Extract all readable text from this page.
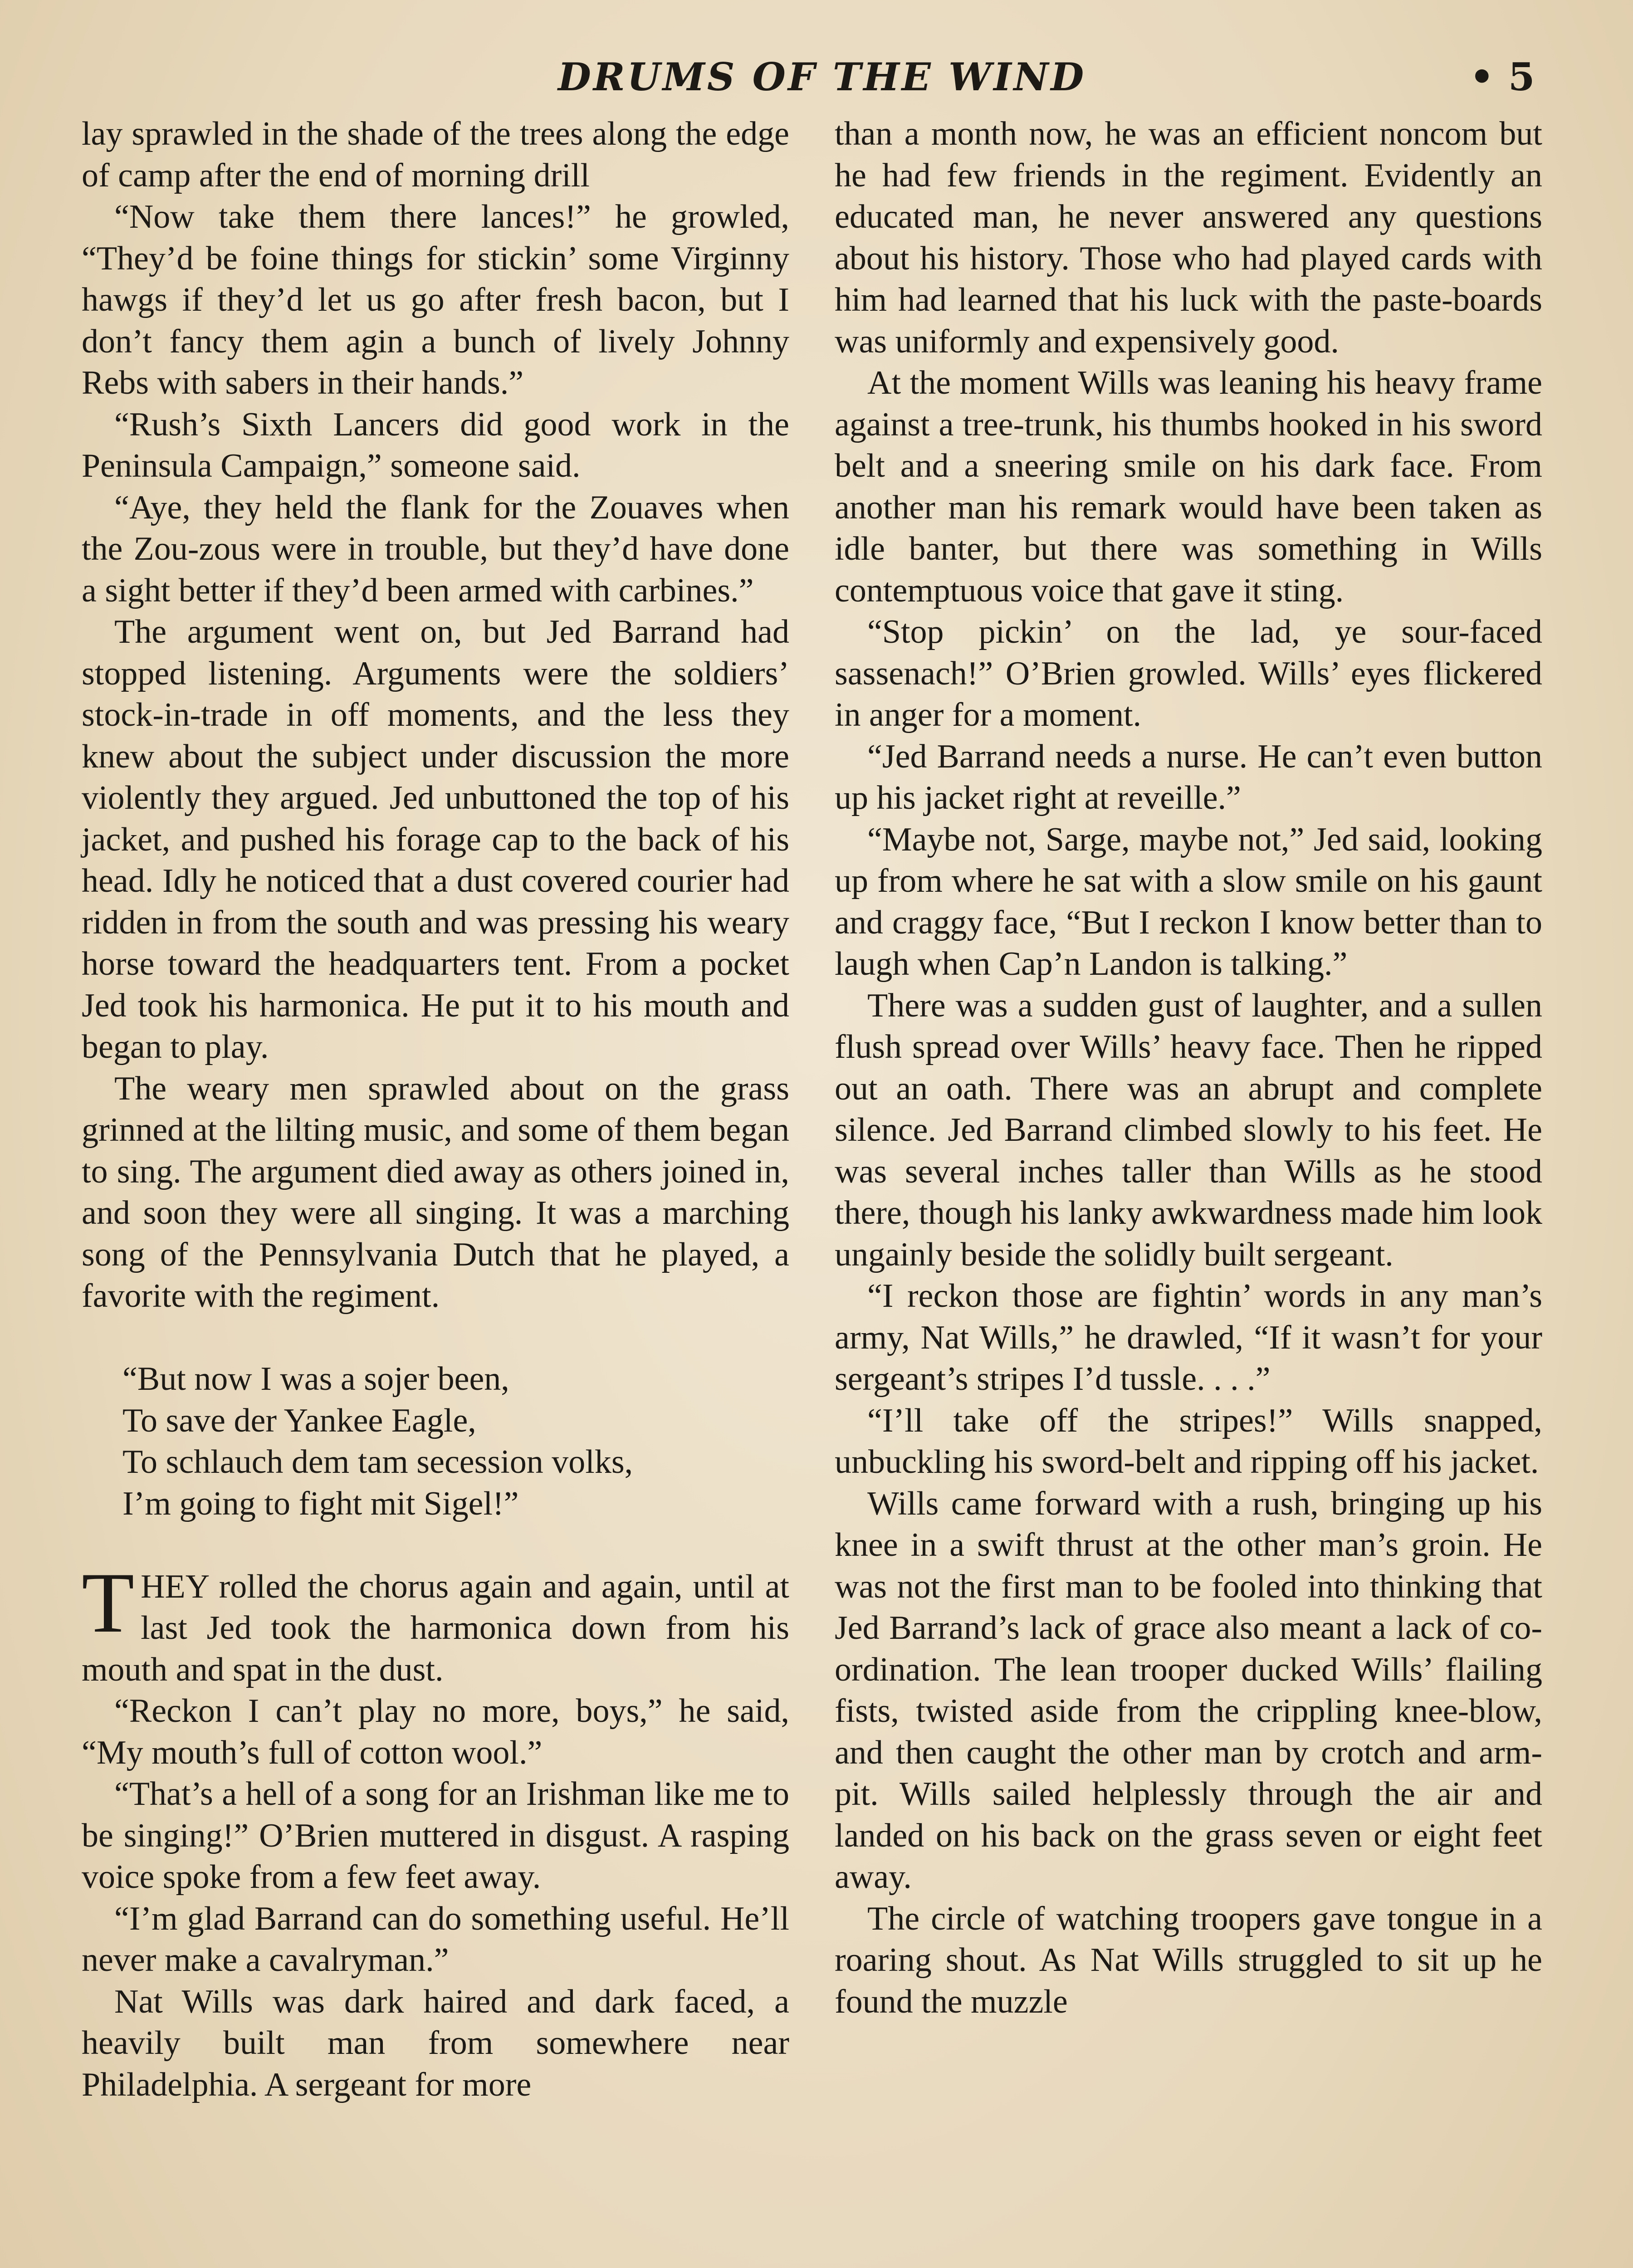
DRUMS OF THE WIND	• 5

lay sprawled in the shade of the trees along the edge of camp after the end of morning drill

“Now take them there lances!” he growled, “They’d be foine things for stickin’ some Virginny hawgs if they’d let us go after fresh bacon, but I don’t fancy them agin a bunch of lively Johnny Rebs with sabers in their hands.”

“Rush’s Sixth Lancers did good work in the Peninsula Campaign,” someone said.

“Aye, they held the flank for the Zouaves when the Zou-zous were in trouble, but they’d have done a sight better if they’d been armed with carbines.”

The argument went on, but Jed Barrand had stopped listening. Arguments were the soldiers’ stock-in-trade in off moments, and the less they knew about the subject under discussion the more violently they argued. Jed unbuttoned the top of his jacket, and pushed his forage cap to the back of his head. Idly he noticed that a dust covered courier had ridden in from the south and was pressing his weary horse toward the headquarters tent. From a pocket Jed took his harmonica. He put it to his mouth and began to play.

The weary men sprawled about on the grass grinned at the lilting music, and some of them began to sing. The argument died away as others joined in, and soon they were all singing. It was a marching song of the Pennsylvania Dutch that he played, a favorite with the regiment.

“But now I was a sojer been,
To save der Yankee Eagle,
To schlauch dem tam secession volks,
I’m going to fight mit Sigel!”

THEY rolled the chorus again and again, until at last Jed took the harmonica down from his mouth and spat in the dust.

“Reckon I can’t play no more, boys,” he said, “My mouth’s full of cotton wool.”

“That’s a hell of a song for an Irishman like me to be singing!” O’Brien muttered in disgust. A rasping voice spoke from a few feet away.

“I’m glad Barrand can do something useful. He’ll never make a cavalryman.”

Nat Wills was dark haired and dark faced, a heavily built man from somewhere near Philadelphia. A sergeant for more

than a month now, he was an efficient noncom but he had few friends in the regiment. Evidently an educated man, he never answered any questions about his history. Those who had played cards with him had learned that his luck with the paste-boards was uniformly and expensively good.

At the moment Wills was leaning his heavy frame against a tree-trunk, his thumbs hooked in his sword belt and a sneering smile on his dark face. From another man his remark would have been taken as idle banter, but there was something in Wills contemptuous voice that gave it sting.

“Stop pickin’ on the lad, ye sour-faced sassenach!” O’Brien growled. Wills’ eyes flickered in anger for a moment.

“Jed Barrand needs a nurse. He can’t even button up his jacket right at reveille.”

“Maybe not, Sarge, maybe not,” Jed said, looking up from where he sat with a slow smile on his gaunt and craggy face, “But I reckon I know better than to laugh when Cap’n Landon is talking.”

There was a sudden gust of laughter, and a sullen flush spread over Wills’ heavy face. Then he ripped out an oath. There was an abrupt and complete silence. Jed Barrand climbed slowly to his feet. He was several inches taller than Wills as he stood there, though his lanky awkwardness made him look ungainly beside the solidly built sergeant.

“I reckon those are fightin’ words in any man’s army, Nat Wills,” he drawled, “If it wasn’t for your sergeant’s stripes I’d tussle. . . .”

“I’ll take off the stripes!” Wills snapped, unbuckling his sword-belt and ripping off his jacket.

Wills came forward with a rush, bringing up his knee in a swift thrust at the other man’s groin. He was not the first man to be fooled into thinking that Jed Barrand’s lack of grace also meant a lack of co-ordination. The lean trooper ducked Wills’ flailing fists, twisted aside from the crippling knee-blow, and then caught the other man by crotch and arm-pit. Wills sailed helplessly through the air and landed on his back on the grass seven or eight feet away.

The circle of watching troopers gave tongue in a roaring shout. As Nat Wills struggled to sit up he found the muzzle
